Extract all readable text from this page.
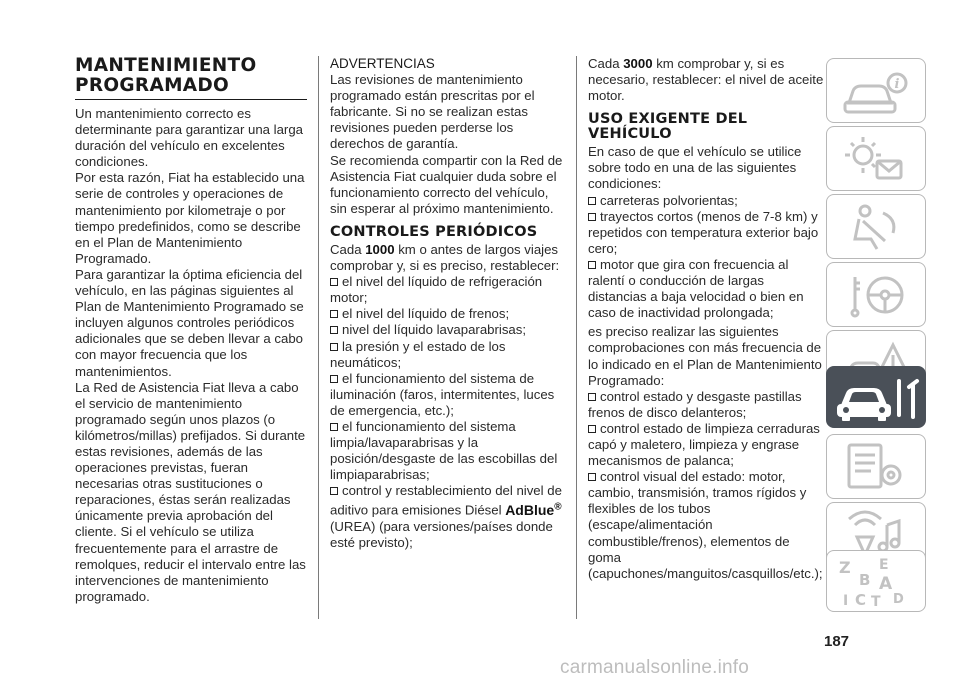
MANTENIMIENTO PROGRAMADO

Un mantenimiento correcto es determinante para garantizar una larga duración del vehículo en excelentes condiciones.

Por esta razón, Fiat ha establecido una serie de controles y operaciones de mantenimiento por kilometraje o por tiempo predefinidos, como se describe en el Plan de Mantenimiento Programado.

Para garantizar la óptima eficiencia del vehículo, en las páginas siguientes al Plan de Mantenimiento Programado se incluyen algunos controles periódicos adicionales que se deben llevar a cabo con mayor frecuencia que los mantenimientos.

La Red de Asistencia Fiat lleva a cabo el servicio de mantenimiento programado según unos plazos (o kilómetros/millas) prefijados. Si durante estas revisiones, además de las operaciones previstas, fueran necesarias otras sustituciones o reparaciones, éstas serán realizadas únicamente previa aprobación del cliente. Si el vehículo se utiliza frecuentemente para el arrastre de remolques, reducir el intervalo entre las intervenciones de mantenimiento programado.

ADVERTENCIAS

Las revisiones de mantenimiento programado están prescritas por el fabricante. Si no se realizan estas revisiones pueden perderse los derechos de garantía.

Se recomienda compartir con la Red de Asistencia Fiat cualquier duda sobre el funcionamiento correcto del vehículo, sin esperar al próximo mantenimiento.

CONTROLES PERIÓDICOS

Cada 1000 km o antes de largos viajes comprobar y, si es preciso, restablecer:

el nivel del líquido de refrigeración motor;

el nivel del líquido de frenos;

nivel del líquido lavaparabrisas;

la presión y el estado de los neumáticos;

el funcionamiento del sistema de iluminación (faros, intermitentes, luces de emergencia, etc.);

el funcionamiento del sistema limpia/lavaparabrisas y la posición/desgaste de las escobillas del limpiaparabrisas;

control y restablecimiento del nivel de aditivo para emisiones Diésel AdBlue® (UREA) (para versiones/países donde esté previsto);

Cada 3000 km comprobar y, si es necesario, restablecer: el nivel de aceite motor.

USO EXIGENTE DEL VEHÍCULO

En caso de que el vehículo se utilice sobre todo en una de las siguientes condiciones:

carreteras polvorientas;

trayectos cortos (menos de 7-8 km) y repetidos con temperatura exterior bajo cero;

motor que gira con frecuencia al ralentí o conducción de largas distancias a baja velocidad o bien en caso de inactividad prolongada;

es preciso realizar las siguientes comprobaciones con más frecuencia de lo indicado en el Plan de Mantenimiento Programado:

control estado y desgaste pastillas frenos de disco delanteros;

control estado de limpieza cerraduras capó y maletero, limpieza y engrase mecanismos de palanca;

control visual del estado: motor, cambio, transmisión, tramos rígidos y flexibles de los tubos (escape/alimentación combustible/frenos), elementos de goma (capuchones/manguitos/casquillos/etc.);

i
Z E
B A
I C T D
187
carmanualsonline.info
